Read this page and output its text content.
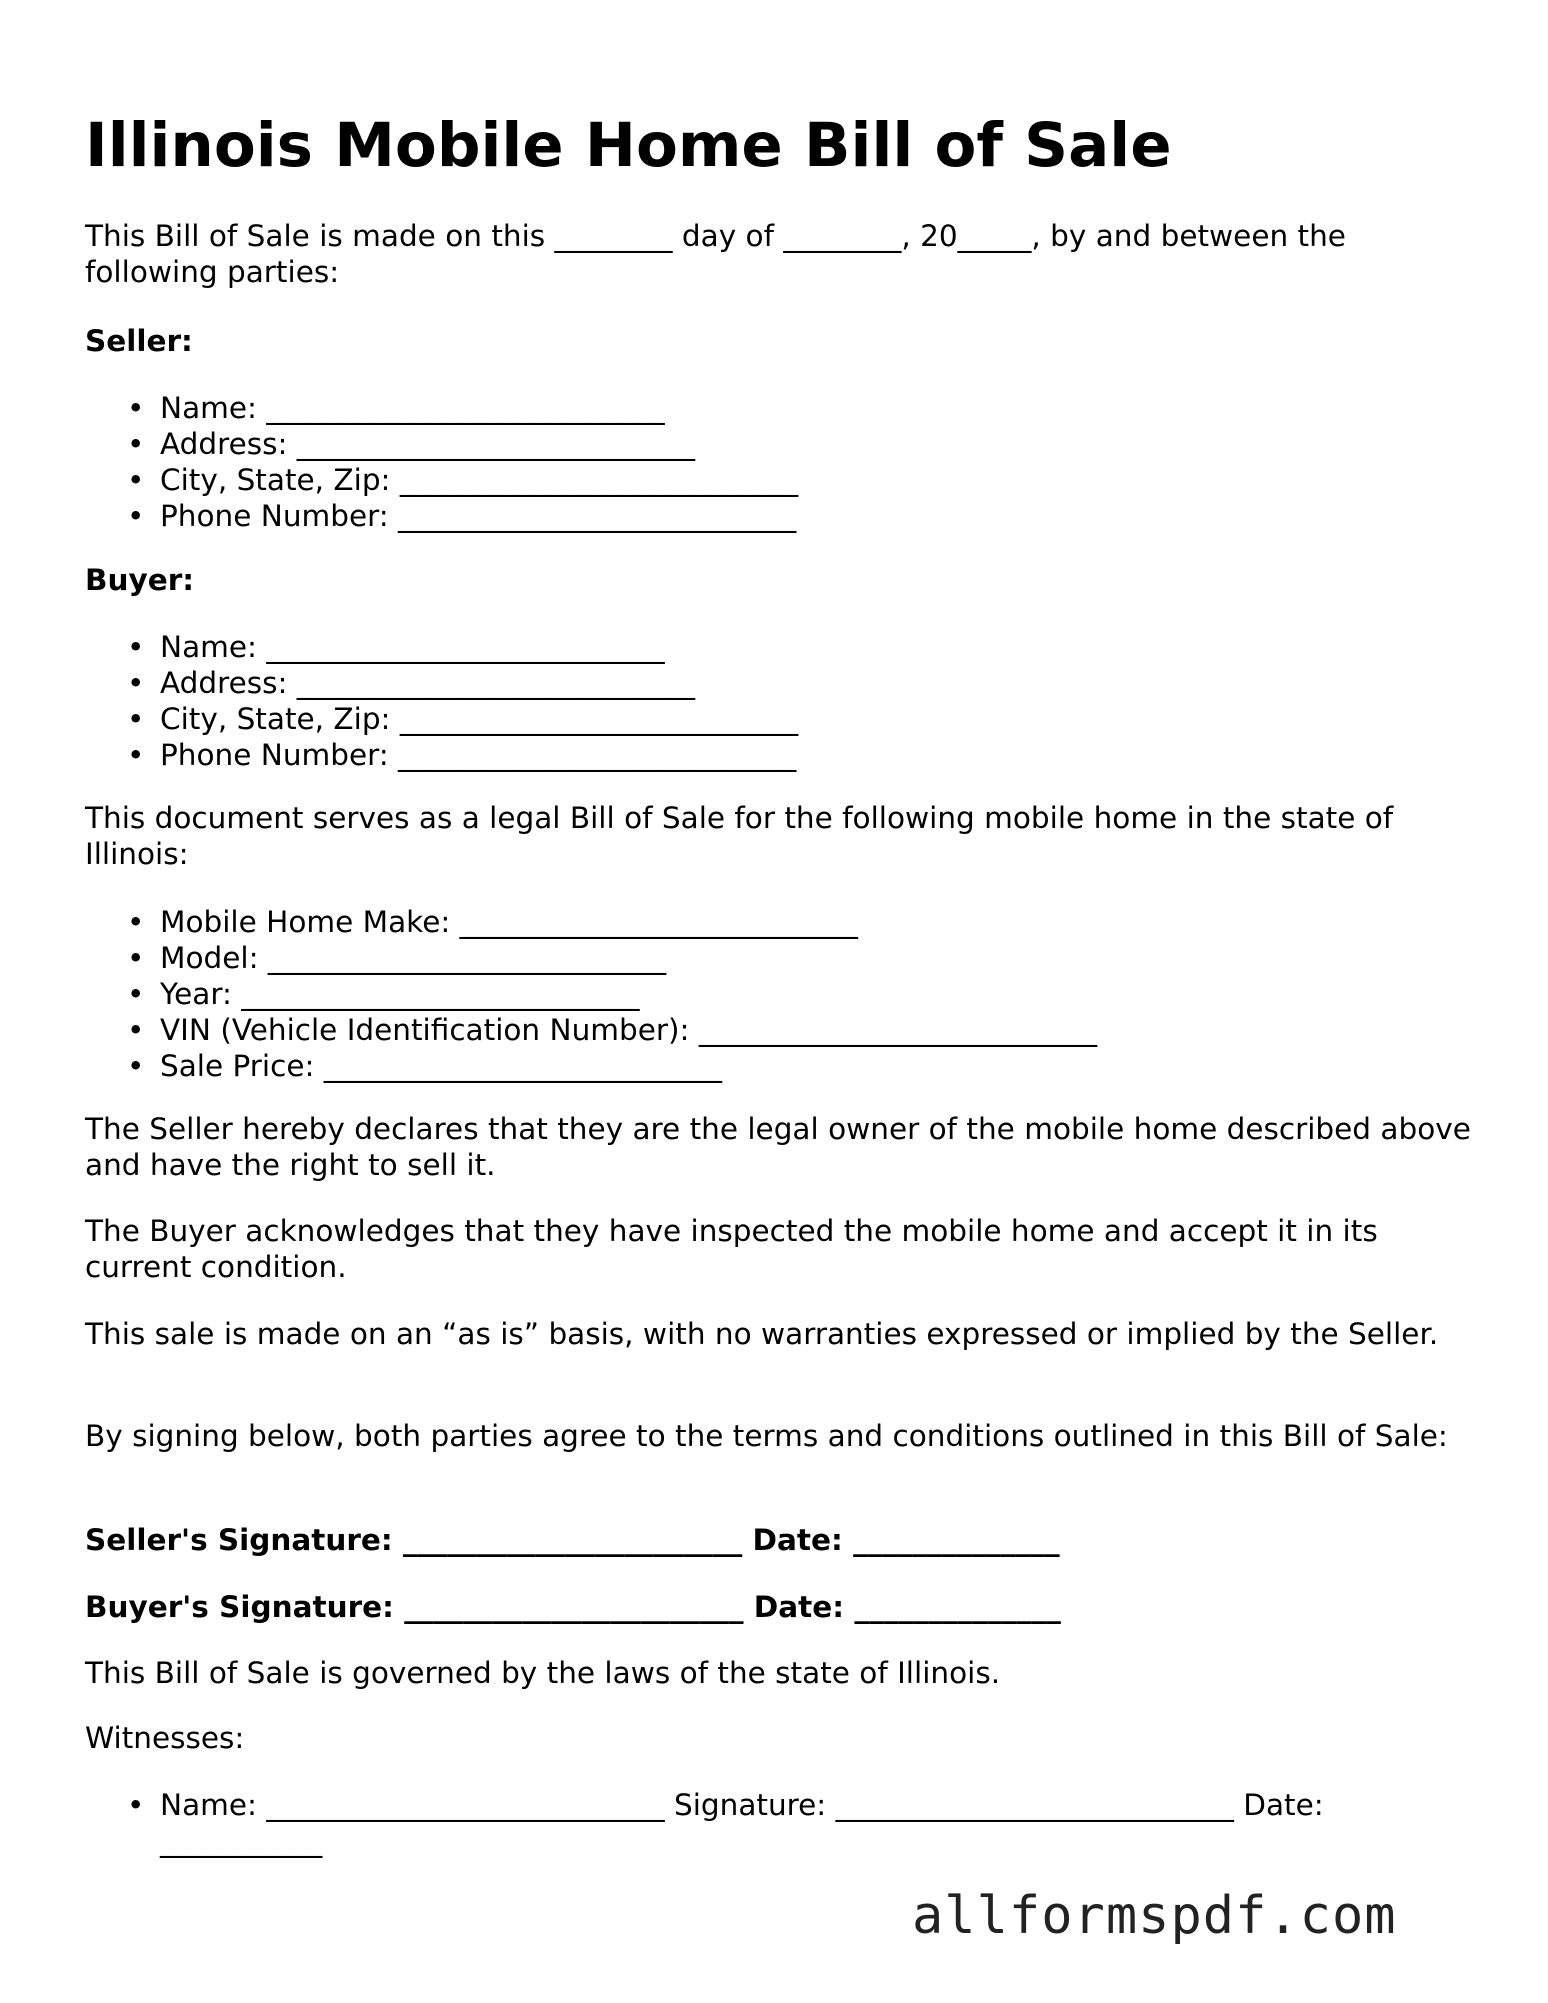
Illinois Mobile Home Bill of Sale

This Bill of Sale is made on this ________ day of ________, 20_____, by and between the following parties:

Seller:

• Name: ___________________________
• Address: ___________________________
• City, State, Zip: ___________________________
• Phone Number: ___________________________

Buyer:

• Name: ___________________________
• Address: ___________________________
• City, State, Zip: ___________________________
• Phone Number: ___________________________

This document serves as a legal Bill of Sale for the following mobile home in the state of Illinois:

• Mobile Home Make: ___________________________
• Model: ___________________________
• Year: ___________________________
• VIN (Vehicle Identification Number): ___________________________
• Sale Price: ___________________________

The Seller hereby declares that they are the legal owner of the mobile home described above and have the right to sell it.

The Buyer acknowledges that they have inspected the mobile home and accept it in its current condition.

This sale is made on an “as is” basis, with no warranties expressed or implied by the Seller.

By signing below, both parties agree to the terms and conditions outlined in this Bill of Sale:

Seller's Signature: _______________________ Date: ______________

Buyer's Signature: _______________________ Date: ______________

This Bill of Sale is governed by the laws of the state of Illinois.

Witnesses:

• Name: ___________________________ Signature: ___________________________ Date: ___________
allformspdf.com
